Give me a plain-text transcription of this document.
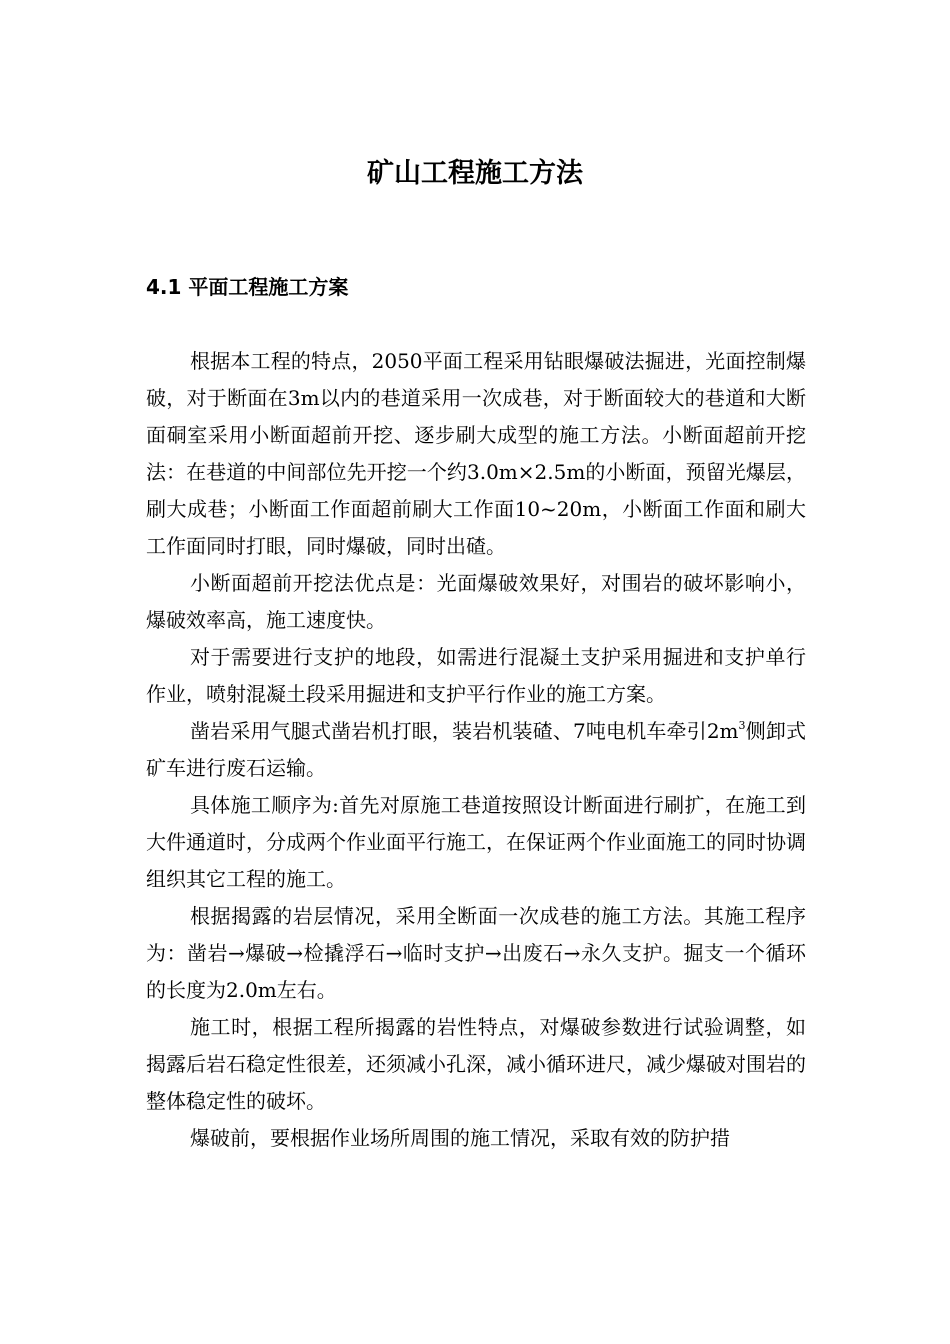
矿山工程施工方法
4.1 平面工程施工方案

根据本工程的特点，2050平面工程采用钻眼爆破法掘进，光面控制爆破，对于断面在3m以内的巷道采用一次成巷，对于断面较大的巷道和大断面硐室采用小断面超前开挖、逐步刷大成型的施工方法。小断面超前开挖法：在巷道的中间部位先开挖一个约3.0m×2.5m的小断面，预留光爆层，刷大成巷；小断面工作面超前刷大工作面10~20m，小断面工作面和刷大工作面同时打眼，同时爆破，同时出碴。

小断面超前开挖法优点是：光面爆破效果好，对围岩的破坏影响小，爆破效率高，施工速度快。

对于需要进行支护的地段，如需进行混凝土支护采用掘进和支护单行作业，喷射混凝土段采用掘进和支护平行作业的施工方案。

凿岩采用气腿式凿岩机打眼，装岩机装碴、7吨电机车牵引$2m^3$侧卸式矿车进行废石运输。

具体施工顺序为:首先对原施工巷道按照设计断面进行刷扩，在施工到大件通道时，分成两个作业面平行施工，在保证两个作业面施工的同时协调组织其它工程的施工。

根据揭露的岩层情况，采用全断面一次成巷的施工方法。其施工程序为：凿岩→爆破→检撬浮石→临时支护→出废石→永久支护。掘支一个循环的长度为2.0m左右。

施工时，根据工程所揭露的岩性特点，对爆破参数进行试验调整，如揭露后岩石稳定性很差，还须减小孔深，减小循环进尺，减少爆破对围岩的整体稳定性的破坏。

爆破前，要根据作业场所周围的施工情况，采取有效的防护措
